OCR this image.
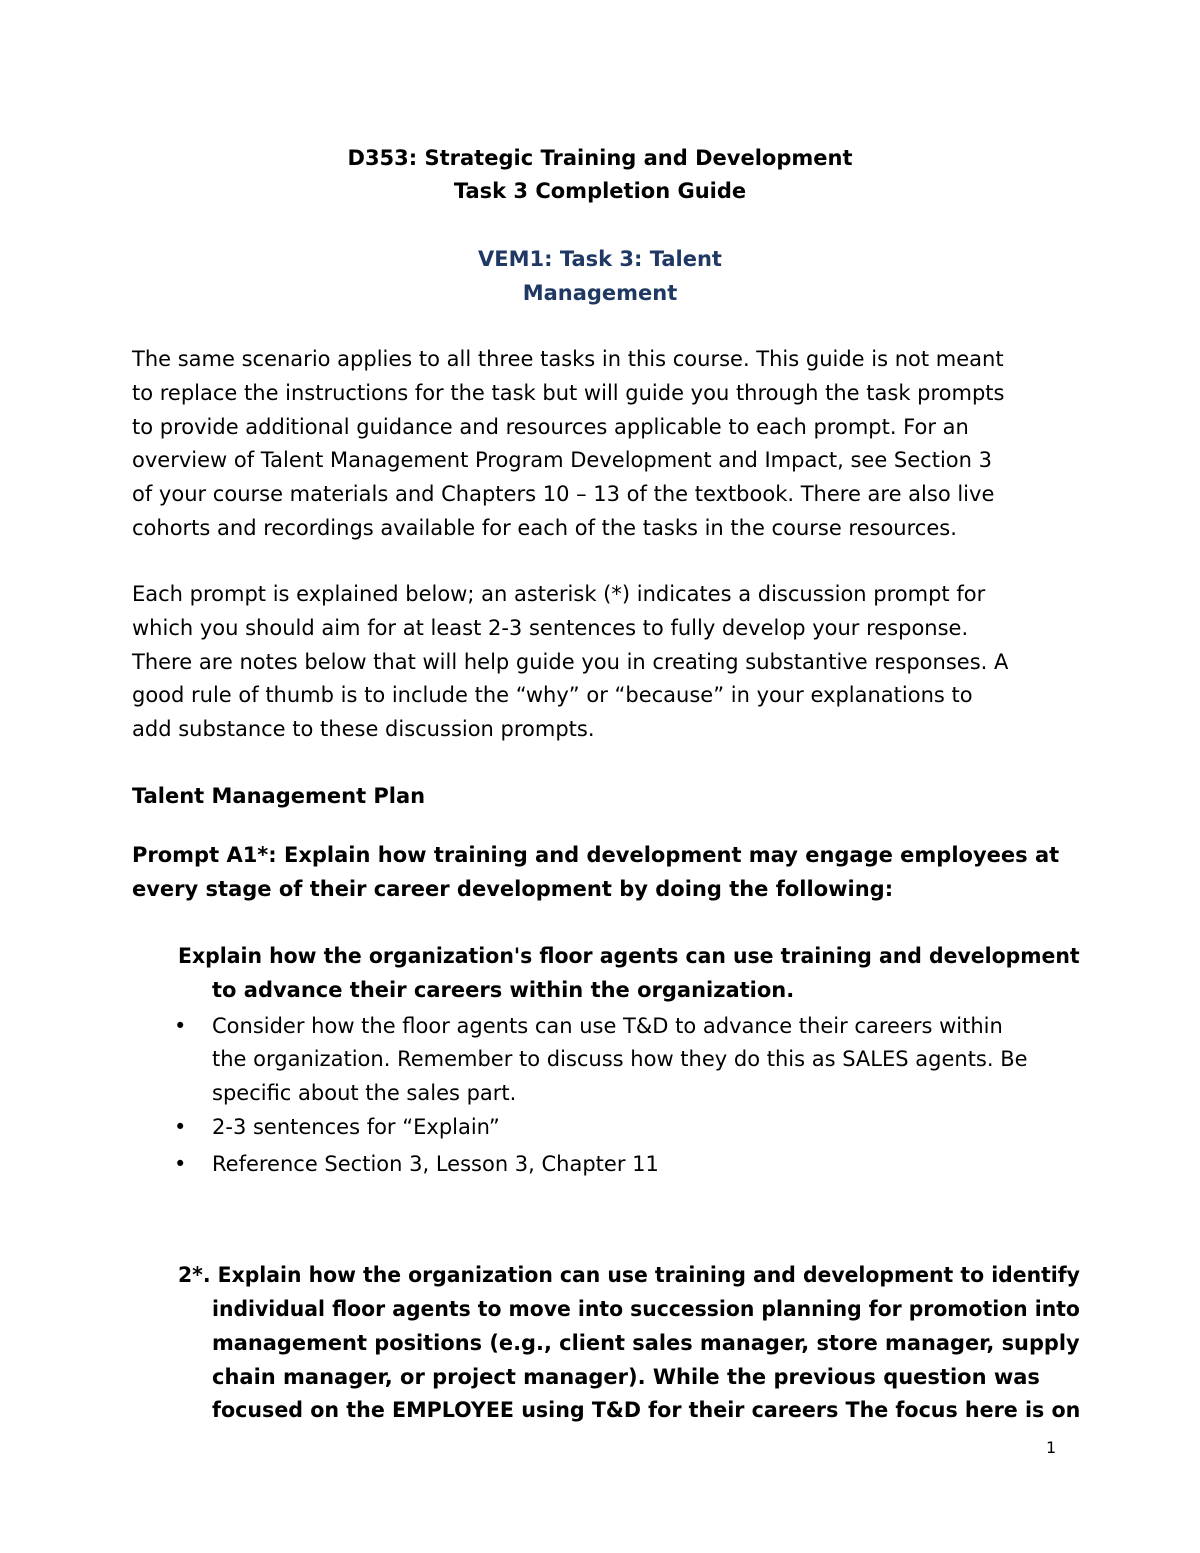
D353: Strategic Training and Development
Task 3 Completion Guide
VEM1: Task 3: Talent
Management
The same scenario applies to all three tasks in this course. This guide is not meant
to replace the instructions for the task but will guide you through the task prompts
to provide additional guidance and resources applicable to each prompt. For an
overview of Talent Management Program Development and Impact, see Section 3
of your course materials and Chapters 10 – 13 of the textbook. There are also live
cohorts and recordings available for each of the tasks in the course resources.
Each prompt is explained below; an asterisk (*) indicates a discussion prompt for
which you should aim for at least 2-3 sentences to fully develop your response.
There are notes below that will help guide you in creating substantive responses. A
good rule of thumb is to include the “why” or “because” in your explanations to
add substance to these discussion prompts.
Talent Management Plan
Prompt A1*: Explain how training and development may engage employees at
every stage of their career development by doing the following:
Explain how the organization's floor agents can use training and development
to advance their careers within the organization.
• Consider how the floor agents can use T&D to advance their careers within
the organization. Remember to discuss how they do this as SALES agents. Be
specific about the sales part.
• 2-3 sentences for “Explain”
• Reference Section 3, Lesson 3, Chapter 11
2*. Explain how the organization can use training and development to identify
individual floor agents to move into succession planning for promotion into
management positions (e.g., client sales manager, store manager, supply
chain manager, or project manager). While the previous question was
focused on the EMPLOYEE using T&D for their careers The focus here is on
1
